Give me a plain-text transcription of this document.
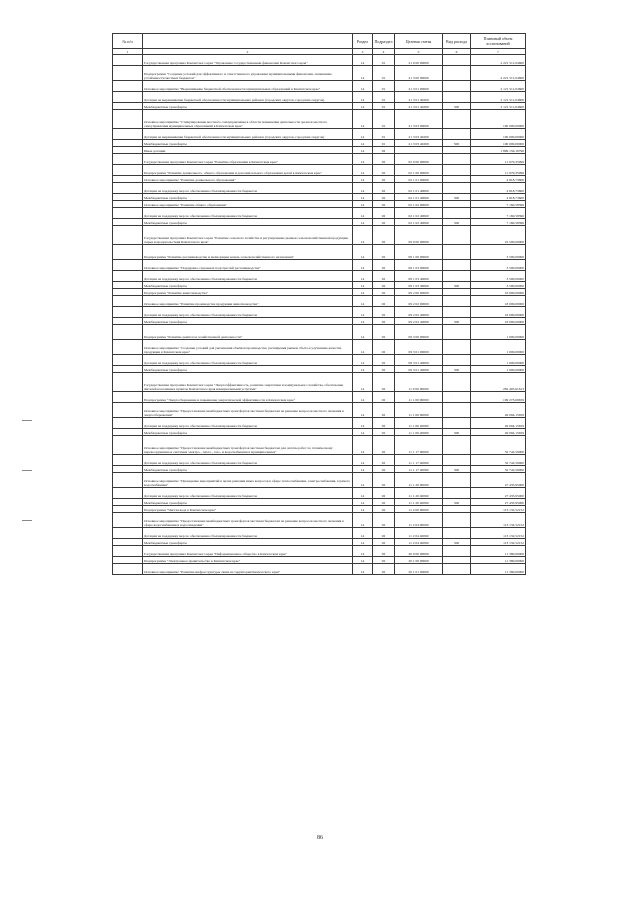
№ п/п		Раздел	Подраздел	Целевая статья	Вид расхода	Плановый объем ассигнований
1	2	3	4	5	6	7
	Государственная программа Камчатского края "Управление государственными финансами Камчатского края"	14	01	21 0 00 00000		2 221 511,04600
	Подпрограмма "Создание условий для эффективного и ответственного управления муниципальными финансами, повышение устойчивости местных бюджетов"	14	01	21 3 00 00000		2 221 511,04600
	Основное мероприятие "Выравнивание бюджетной обеспеченности муниципальных образований в Камчатском крае"	14	01	21 3 01 00000		2 121 511,04600
	Дотации на выравнивание бюджетной обеспеченности муниципальных районов (городских округов, городских округов)	14	01	21 3 01 40200		2 121 511,04600
	Межбюджетные трансферты	14	01	21 3 01 40200	500	2 121 511,04600
	Основное мероприятие "Стимулирование местного самоуправления в области повышения деятельности органов местного самоуправления муниципальных образований в Камчатском крае"	14	01	21 3 03 00000		100 000,00000
	Дотации на выравнивание бюджетной обеспеченности муниципальных районов (городских округов, городских округов)	14	01	21 3 03 40200		100 000,00000
	Межбюджетные трансферты	14	01	21 3 03 40200	500	100 000,00000
	Иные дотации	14	02			1 899 156,10796
	Государственная программа Камчатского края "Развитие образования в Камчатском крае"	14	02	02 0 00 00000		11 979,35996
	Подпрограмма "Развитие дошкольного, общего образования и дополнительного образования детей в Камчатском крае"	14	02	02 1 00 00000		11 979,35996
	Основное мероприятие "Развитие дошкольного образования"	14	02	02 1 01 00000		4 818,73600
	Дотации на поддержку мер по обеспечению сбалансированности бюджетов	14	02	02 1 01 40060		4 818,73600
	Межбюджетные трансферты	14	02	02 1 01 40060	500	4 818,73600
	Основное мероприятие "Развитие общего образования"	14	02	02 1 02 00000		7 160,58396
	Дотации на поддержку мер по обеспечению сбалансированности бюджетов	14	02	02 1 02 40060		7 160,58396
	Межбюджетные трансферты	14	02	02 1 02 40060	500	7 160,58396
	Государственная программа Камчатского края "Развитие сельского хозяйства и регулирование рынков сельскохозяйственной продукции, сырья и продовольствия Камчатского края"	14	02	09 0 00 00000		22 500,00000
	Подпрограмма "Развитие растениеводства и мелиорации земель сельскохозяйственного назначения"	14	02	09 1 00 00000		3 500,00000
	Основное мероприятие "Поддержка отдельных подотраслей растениеводства"	14	02	09 1 03 00000		3 500,00000
	Дотации на поддержку мер по обеспечению сбалансированности бюджетов	14	02	09 1 03 40060		3 500,00000
	Межбюджетные трансферты	14	02	09 1 03 40060	500	3 500,00000
	Подпрограмма "Развитие животноводства"	14	02	09 2 00 00000		18 000,00000
	Основное мероприятие "Развитие производства продукции животноводства"	14	02	09 2 02 00000		18 000,00000
	Дотации на поддержку мер по обеспечению сбалансированности бюджетов	14	02	09 2 02 40060		18 000,00000
	Межбюджетные трансферты	14	02	09 2 02 40060	500	18 000,00000
	Подпрограмма "Развитие ремёсла и хозяйственной деятельности"	14	02	09 3 00 00000		1 000,00000
	Основное мероприятие "Создание условий для увеличения объёмов производства, расширения рынков сбыта и улучшение качества продукции в Камчатском крае"	14	02	09 3 01 00000		1 000,00000
	Дотации на поддержку мер по обеспечению сбалансированности бюджетов	14	02	09 3 01 40060		1 000,00000
	Межбюджетные трансферты	14	02	09 3 01 40060	500	1 000,00000
	Государственная программа Камчатского края "Энергоэффективность, развитие энергетики и коммунального хозяйства, обеспечение жителей населенных пунктов Камчатского края коммунальными услугами"	14	02	11 0 00 00000		282 405,61613
	Подпрограмма "Энергосбережение и повышение энергетической эффективности в Камчатском крае"	14	02	11 1 00 00000		199 273,69659
	Основное мероприятие "Предоставление межбюджетных трансфертов местным бюджетам на решение вопросов местного значения в энергосбережении"	14	02	11 1 06 00000		49 094,15659
	Дотации на поддержку мер по обеспечению сбалансированности бюджетов	14	02	11 1 06 40060		49 094,15659
	Межбюджетные трансферты	14	02	11 1 06 40060	500	49 094,15659
	Основное мероприятие "Предоставление межбюджетных трансфертов местным бюджетам для оплаты работ по техническому перевооружению и системам электро-, тепло-, газо- и водоснабжения в муниципальных"	14	02	11 1 17 00000		32 742,59000
	Дотации на поддержку мер по обеспечению сбалансированности бюджетов	14	02	11 1 17 40060		32 742,59000
	Межбюджетные трансферты	14	02	11 1 17 40060	500	32 742,59000
	Основное мероприятие "Проведение мероприятий в целях решения иных вопросов в сфере теплоснабжения, электроснабжения, горячего водоснабжения"	14	02	11 1 20 00000		27 435,95000
	Дотации на поддержку мер по обеспечению сбалансированности бюджетов	14	02	11 1 20 40060		27 435,95000
	Межбюджетные трансферты	14	02	11 1 20 40060	500	27 435,95000
	Подпрограмма "Чистая вода в Камчатском крае"	14	02	11 2 00 00000		113 132,52152
	Основное мероприятие "Предоставление межбюджетных трансфертов местным бюджетам на решение вопросов местного значения в сфере водоснабжения и водоотведения"	14	02	11 2 04 00000		113 132,52152
	Дотации на поддержку мер по обеспечению сбалансированности бюджетов	14	02	11 2 04 40060		113 132,52152
	Межбюджетные трансферты	14	02	11 2 04 40060	500	113 132,52152
	Государственная программа Камчатского края "Информационное общество в Камчатском крае"	14	02	20 0 00 00000		11 380,00000
	Подпрограмма "Электронное правительство в Камчатском крае"	14	02	20 1 00 00000		11 380,00000
	Основное мероприятие "Развитие инфраструктуры связи на территории Камчатского края"	14	02	20 1 01 00000		11 380,00000
86
